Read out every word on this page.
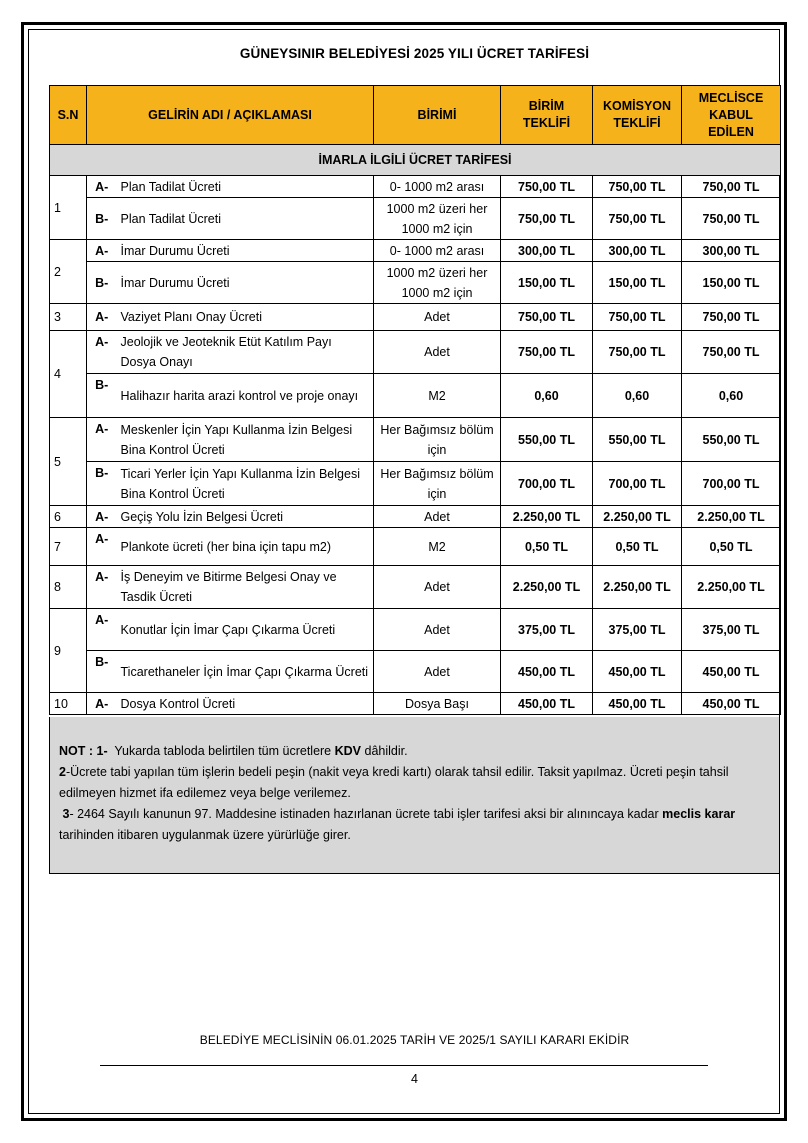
GÜNEYSINIR BELEDİYESİ 2025 YILI ÜCRET TARİFESİ
S.N	GELİRİN ADI / AÇIKLAMASI		BİRİMİ	BİRİM TEKLİFİ	KOMİSYON TEKLİFİ	MECLİSCE KABUL EDİLEN
İMARLA İLGİLİ ÜCRET TARİFESİ						
1	A-	Plan Tadilat Ücreti	0- 1000 m2 arası	750,00 TL	750,00 TL	750,00 TL
	B-	Plan Tadilat Ücreti	1000 m2 üzeri her 1000 m2 için	750,00 TL	750,00 TL	750,00 TL
2	A-	İmar Durumu Ücreti	0- 1000 m2 arası	300,00 TL	300,00 TL	300,00 TL
	B-	İmar Durumu Ücreti	1000 m2 üzeri her 1000 m2 için	150,00 TL	150,00 TL	150,00 TL
3	A-	Vaziyet Planı Onay Ücreti	Adet	750,00 TL	750,00 TL	750,00 TL
4	A-	Jeolojik ve Jeoteknik Etüt Katılım Payı Dosya Onayı	Adet	750,00 TL	750,00 TL	750,00 TL
	B-	Halihazır harita arazi kontrol ve proje onayı	M2	0,60	0,60	0,60
5	A-	Meskenler İçin Yapı Kullanma İzin Belgesi Bina Kontrol Ücreti	Her Bağımsız bölüm için	550,00 TL	550,00 TL	550,00 TL
	B-	Ticari Yerler İçin Yapı Kullanma İzin Belgesi Bina Kontrol Ücreti	Her Bağımsız bölüm için	700,00 TL	700,00 TL	700,00 TL
6	A-	Geçiş Yolu İzin Belgesi Ücreti	Adet	2.250,00 TL	2.250,00 TL	2.250,00 TL
7	A-	Plankote ücreti (her bina için tapu m2)	M2	0,50 TL	0,50 TL	0,50 TL
8	A-	İş Deneyim ve Bitirme Belgesi Onay ve Tasdik Ücreti	Adet	2.250,00 TL	2.250,00 TL	2.250,00 TL
9	A-	Konutlar İçin İmar Çapı Çıkarma Ücreti	Adet	375,00 TL	375,00 TL	375,00 TL
	B-	Ticarethaneler İçin İmar Çapı Çıkarma Ücreti	Adet	450,00 TL	450,00 TL	450,00 TL
10	A-	Dosya Kontrol Ücreti	Dosya Başı	450,00 TL	450,00 TL	450,00 TL

NOT : 1- Yukarda tabloda belirtilen tüm ücretlere KDV dâhildir.

2-Ücrete tabi yapılan tüm işlerin bedeli peşin (nakit veya kredi kartı) olarak tahsil edilir. Taksit yapılmaz. Ücreti peşin tahsil edilmeyen hizmet ifa edilemez veya belge verilemez.

3- 2464 Sayılı kanunun 97. Maddesine istinaden hazırlanan ücrete tabi işler tarifesi aksi bir alınıncaya kadar meclis karar tarihinden itibaren uygulanmak üzere yürürlüğe girer.

BELEDİYE MECLİSİNİN 06.01.2025 TARİH VE 2025/1 SAYILI KARARI EKİDİR
4
